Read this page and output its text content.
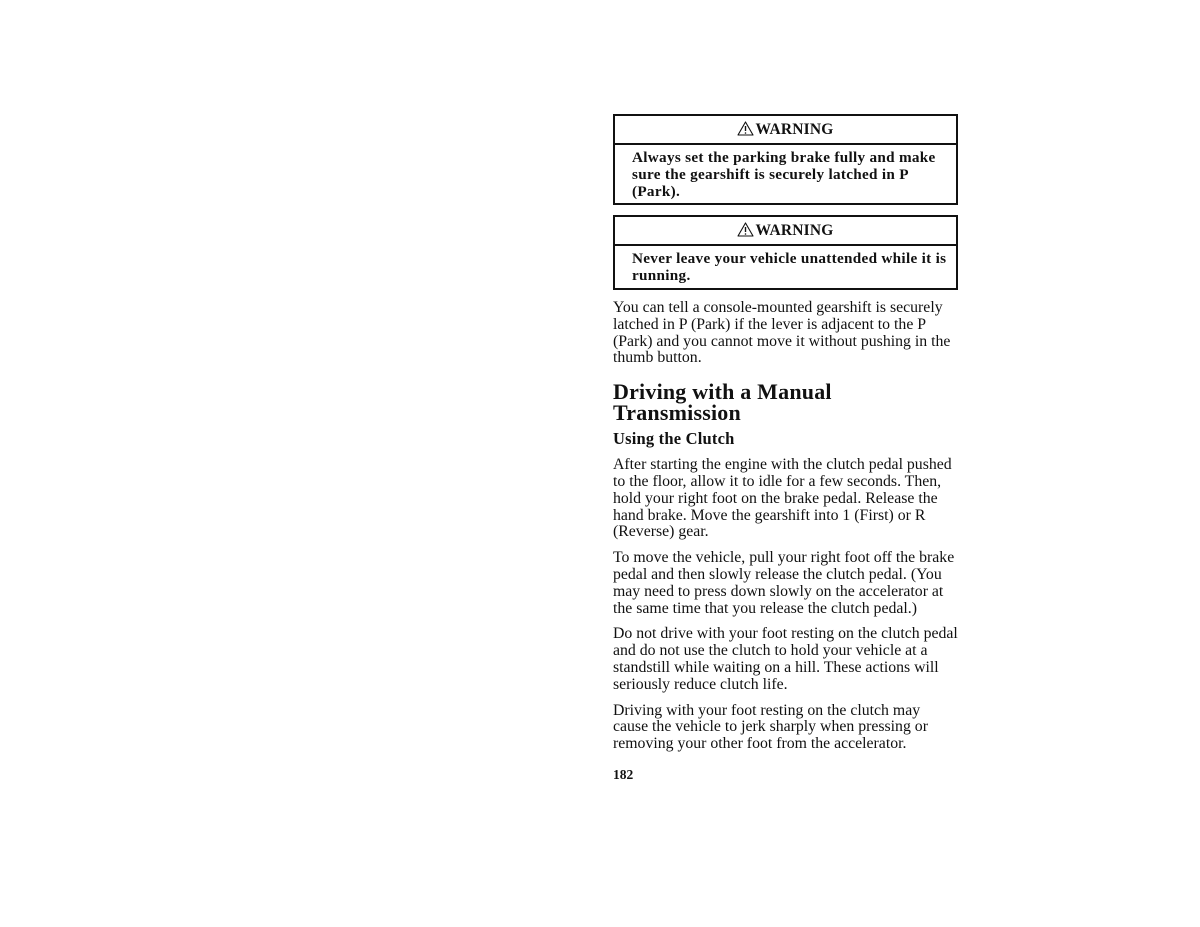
WARNING
Always set the parking brake fully and make sure the gearshift is securely latched in P (Park).
WARNING
Never leave your vehicle unattended while it is running.

You can tell a console-mounted gearshift is securely latched in P (Park) if the lever is adjacent to the P (Park) and you cannot move it without pushing in the thumb button.

Driving with a Manual Transmission
Using the Clutch

After starting the engine with the clutch pedal pushed to the floor, allow it to idle for a few seconds. Then, hold your right foot on the brake pedal. Release the hand brake. Move the gearshift into 1 (First) or R (Reverse) gear.

To move the vehicle, pull your right foot off the brake pedal and then slowly release the clutch pedal. (You may need to press down slowly on the accelerator at the same time that you release the clutch pedal.)

Do not drive with your foot resting on the clutch pedal and do not use the clutch to hold your vehicle at a standstill while waiting on a hill. These actions will seriously reduce clutch life.

Driving with your foot resting on the clutch may cause the vehicle to jerk sharply when pressing or removing your other foot from the accelerator.

182
